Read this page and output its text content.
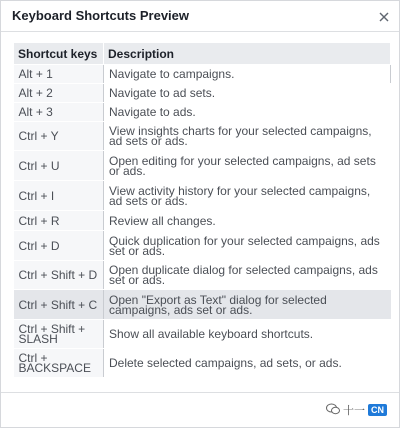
Keyboard Shortcuts Preview
Shortcut keys	Description
Alt + 1	Navigate to campaigns.
Alt + 2	Navigate to ad sets.
Alt + 3	Navigate to ads.
Ctrl + Y	View insights charts for your selected campaigns, ad sets or ads.
Ctrl + U	Open editing for your selected campaigns, ad sets or ads.
Ctrl + I	View activity history for your selected campaigns, ad sets or ads.
Ctrl + R	Review all changes.
Ctrl + D	Quick duplication for your selected campaigns, ads set or ads.
Ctrl + Shift + D	Open duplicate dialog for selected campaigns, ads set or ads.
Ctrl + Shift + C	Open "Export as Text" dialog for selected campaigns, ads set or ads.
Ctrl + Shift + SLASH	Show all available keyboard shortcuts.
Ctrl + BACKSPACE	Delete selected campaigns, ad sets, or ads.
十一 CN
